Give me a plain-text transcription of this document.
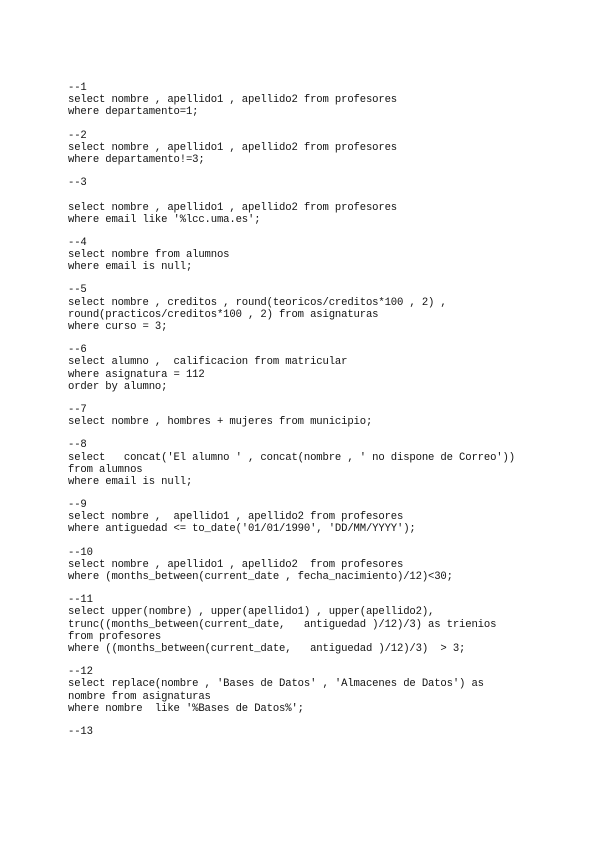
--1
select nombre , apellido1 , apellido2 from profesores
where departamento=1;
--2
select nombre , apellido1 , apellido2 from profesores
where departamento!=3;
--3
select nombre , apellido1 , apellido2 from profesores
where email like '%lcc.uma.es';
--4
select nombre from alumnos
where email is null;
--5
select nombre , creditos , round(teoricos/creditos*100 , 2) ,
round(practicos/creditos*100 , 2) from asignaturas
where curso = 3;
--6
select alumno ,  calificacion from matricular
where asignatura = 112
order by alumno;
--7
select nombre , hombres + mujeres from municipio;
--8
select   concat('El alumno ' , concat(nombre , ' no dispone de Correo'))
from alumnos
where email is null;
--9
select nombre ,  apellido1 , apellido2 from profesores
where antiguedad <= to_date('01/01/1990', 'DD/MM/YYYY');
--10
select nombre , apellido1 , apellido2  from profesores
where (months_between(current_date , fecha_nacimiento)/12)<30;
--11
select upper(nombre) , upper(apellido1) , upper(apellido2),
trunc((months_between(current_date,   antiguedad )/12)/3) as trienios
from profesores
where ((months_between(current_date,   antiguedad )/12)/3)  > 3;
--12
select replace(nombre , 'Bases de Datos' , 'Almacenes de Datos') as
nombre from asignaturas
where nombre  like '%Bases de Datos%';
--13
